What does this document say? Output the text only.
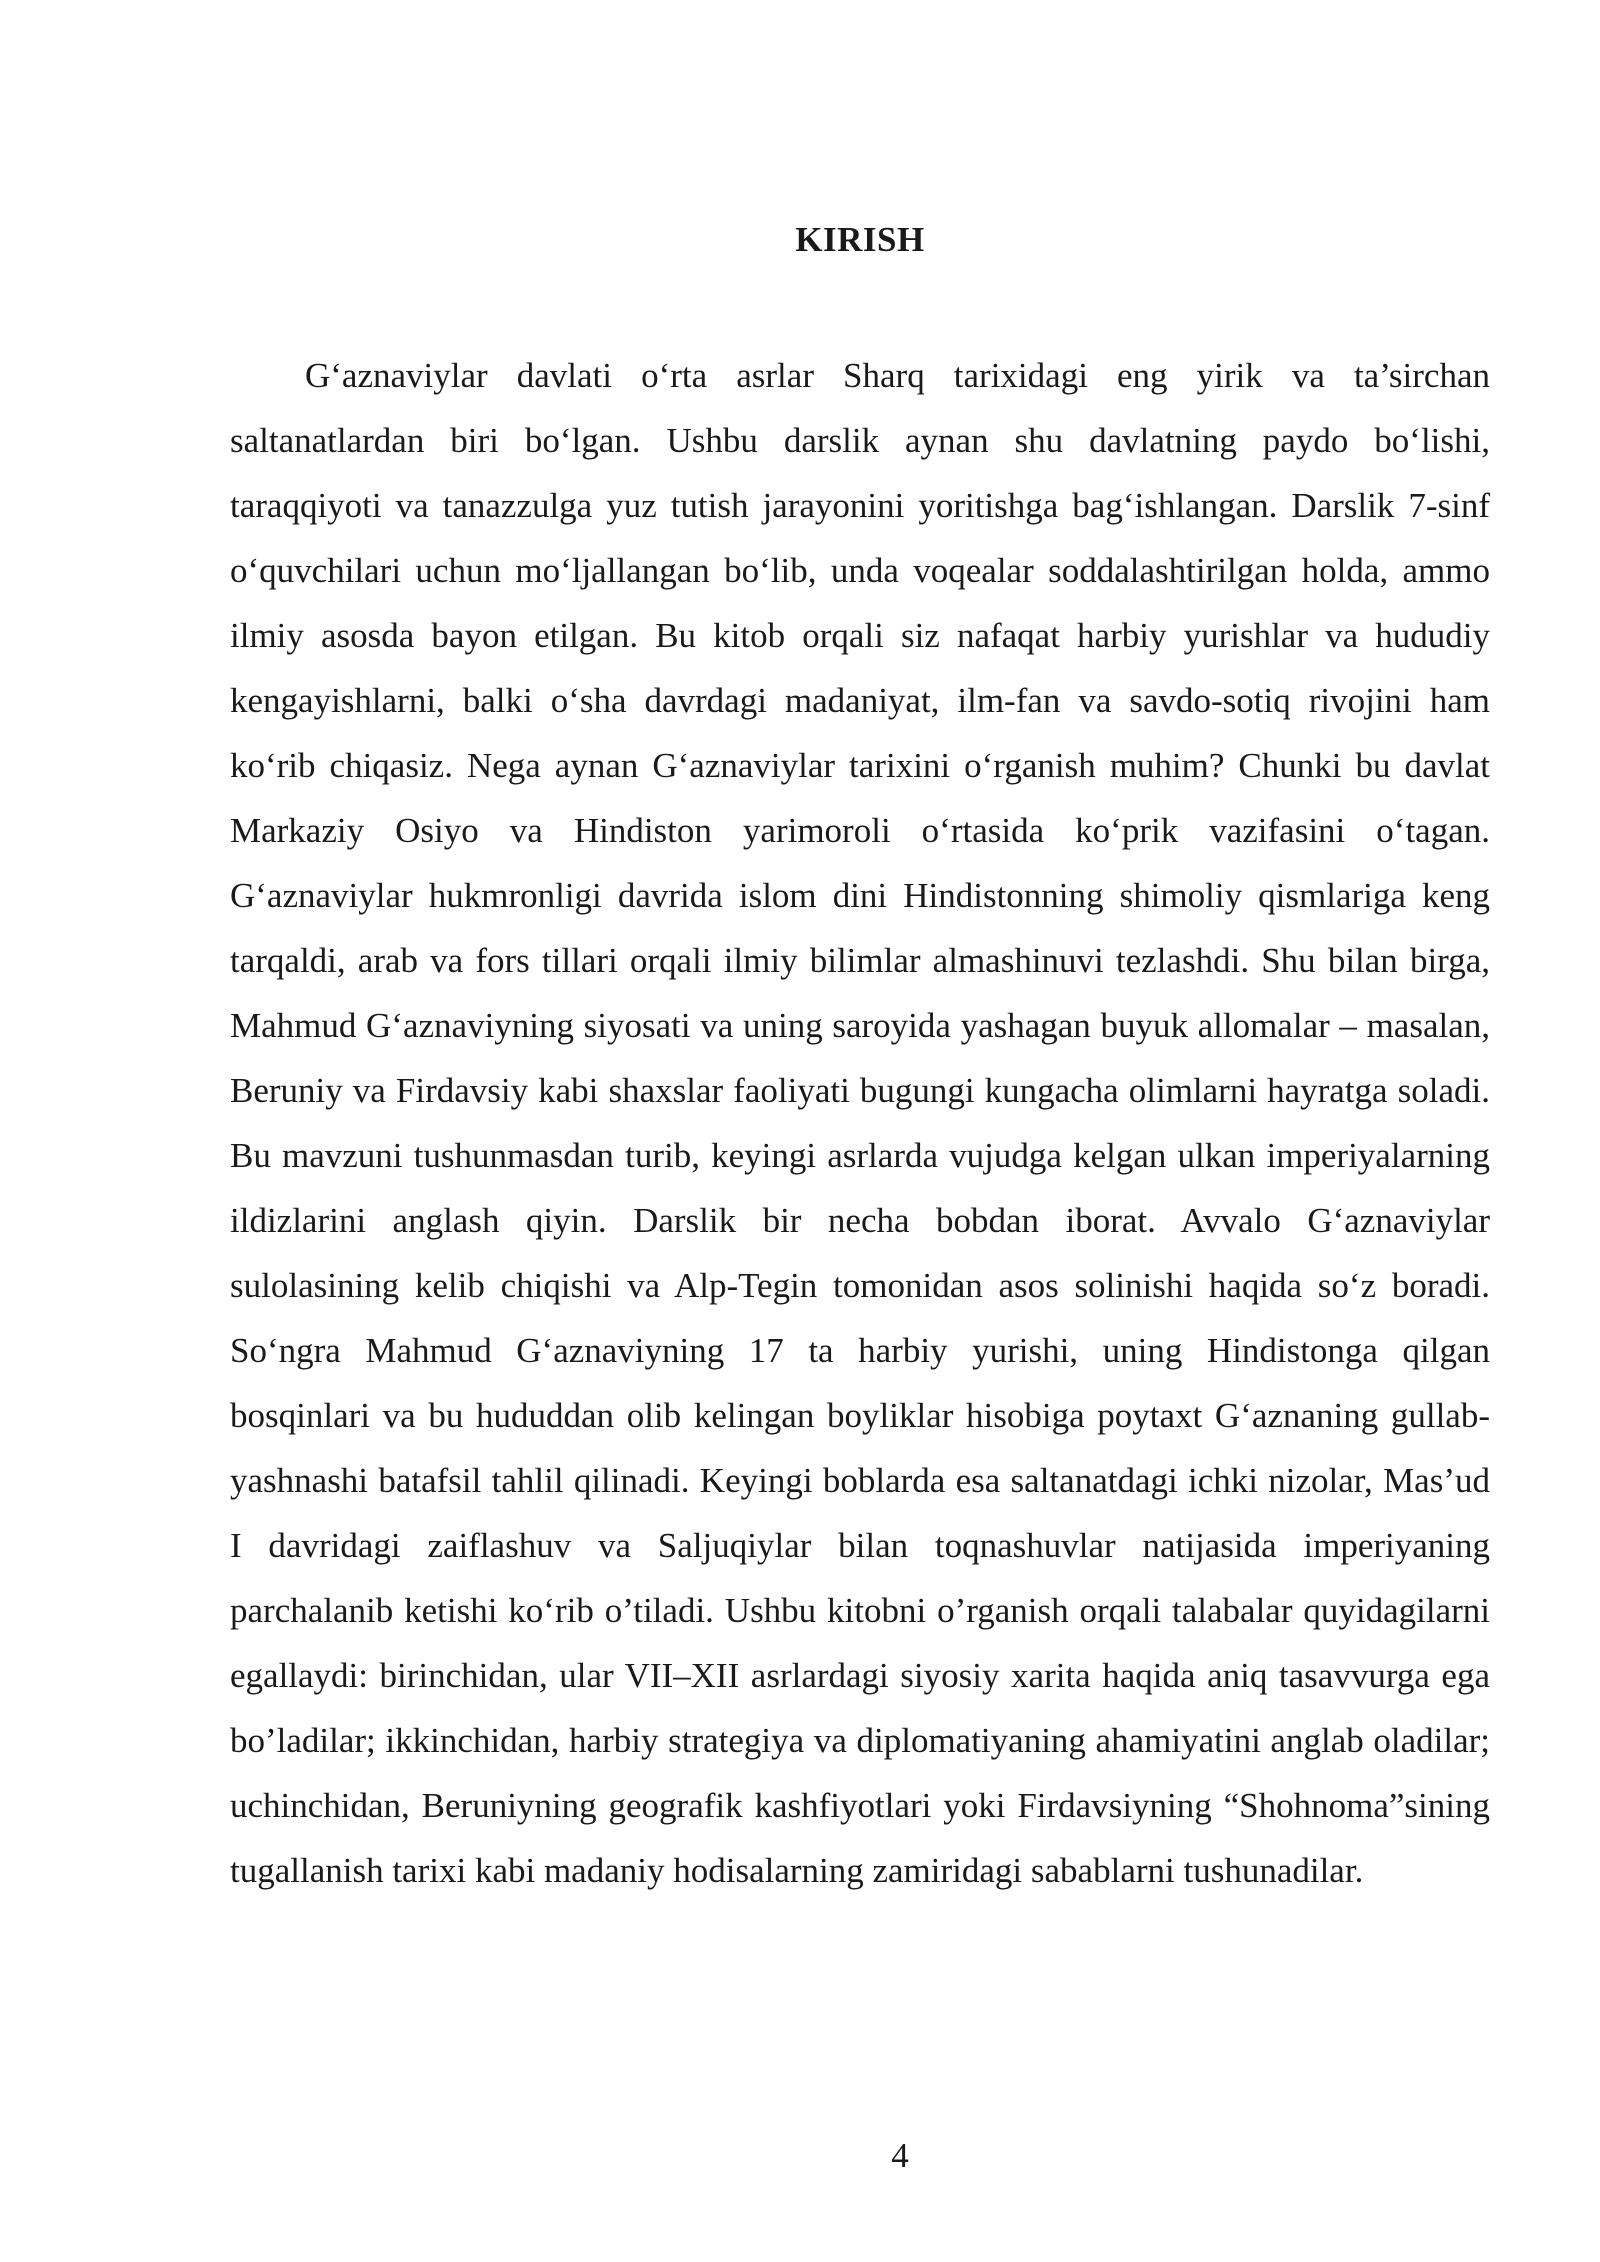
KIRISH

G‘aznaviylar davlati o‘rta asrlar Sharq tarixidagi eng yirik va ta’sirchan saltanatlardan biri bo‘lgan. Ushbu darslik aynan shu davlatning paydo bo‘lishi, taraqqiyoti va tanazzulga yuz tutish jarayonini yoritishga bag‘ishlangan. Darslik 7-sinf o‘quvchilari uchun mo‘ljallangan bo‘lib, unda voqealar soddalashtirilgan holda, ammo ilmiy asosda bayon etilgan. Bu kitob orqali siz nafaqat harbiy yurishlar va hududiy kengayishlarni, balki o‘sha davrdagi madaniyat, ilm-fan va savdo-sotiq rivojini ham ko‘rib chiqasiz. Nega aynan G‘aznaviylar tarixini o‘rganish muhim? Chunki bu davlat Markaziy Osiyo va Hindiston yarimoroli o‘rtasida ko‘prik vazifasini o‘tagan. G‘aznaviylar hukmronligi davrida islom dini Hindistonning shimoliy qismlariga keng tarqaldi, arab va fors tillari orqali ilmiy bilimlar almashinuvi tezlashdi. Shu bilan birga, Mahmud G‘aznaviyning siyosati va uning saroyida yashagan buyuk allomalar – masalan, Beruniy va Firdavsiy kabi shaxslar faoliyati bugungi kungacha olimlarni hayratga soladi. Bu mavzuni tushunmasdan turib, keyingi asrlarda vujudga kelgan ulkan imperiyalarning ildizlarini anglash qiyin. Darslik bir necha bobdan iborat. Avvalo G‘aznaviylar sulolasining kelib chiqishi va Alp-Tegin tomonidan asos solinishi haqida so‘z boradi. So‘ngra Mahmud G‘aznaviyning 17 ta harbiy yurishi, uning Hindistonga qilgan bosqinlari va bu hududdan olib kelingan boyliklar hisobiga poytaxt G‘aznaning gullab-yashnashi batafsil tahlil qilinadi. Keyingi boblarda esa saltanatdagi ichki nizolar, Mas’ud I davridagi zaiflashuv va Saljuqiylar bilan toqnashuvlar natijasida imperiyaning parchalanib ketishi ko‘rib o’tiladi. Ushbu kitobni o’rganish orqali talabalar quyidagilarni egallaydi: birinchidan, ular VII–XII asrlardagi siyosiy xarita haqida aniq tasavvurga ega bo’ladilar; ikkinchidan, harbiy strategiya va diplomatiyaning ahamiyatini anglab oladilar; uchinchidan, Beruniyning geografik kashfiyotlari yoki Firdavsiyning “Shohnoma”sining tugallanish tarixi kabi madaniy hodisalarning zamiridagi sabablarni tushunadilar.

4
